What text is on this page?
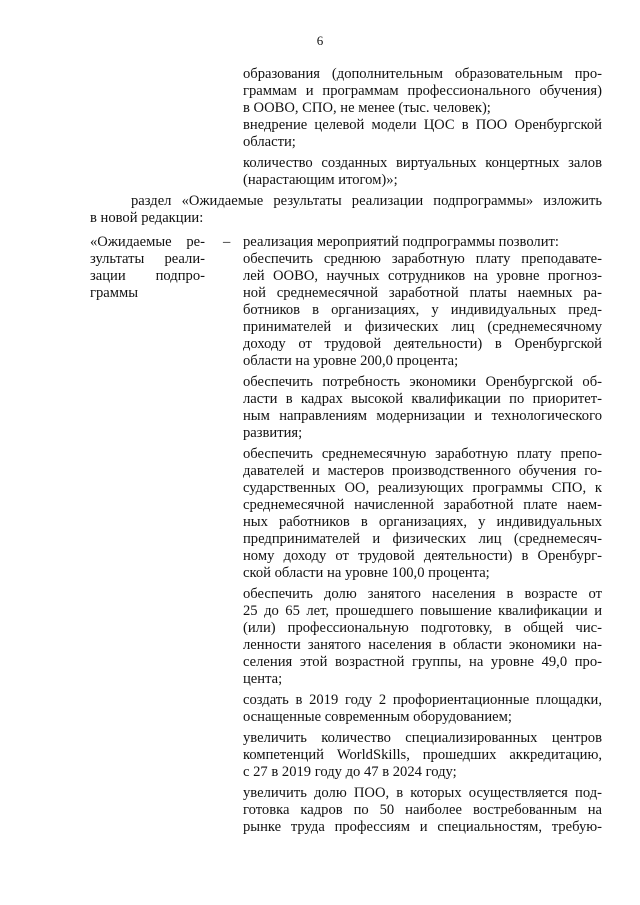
6
образования (дополнительным образовательным про-
граммам и программам профессионального обучения)
в ООВО, СПО, не менее (тыс. человек);
внедрение целевой модели ЦОС в ПОО Оренбургской
области;
количество созданных виртуальных концертных залов
(нарастающим итогом)»;
раздел «Ожидаемые результаты реализации подпрограммы» изложить
в новой редакции:
«Ожидаемые ре-
зультаты реали-
зации подпро-
граммы
– реализация мероприятий подпрограммы позволит:
обеспечить среднюю заработную плату преподавате-
лей ООВО, научных сотрудников на уровне прогноз-
ной среднемесячной заработной платы наемных ра-
ботников в организациях, у индивидуальных пред-
принимателей и физических лиц (среднемесячному
доходу от трудовой деятельности) в Оренбургской
области на уровне 200,0 процента;
обеспечить потребность экономики Оренбургской об-
ласти в кадрах высокой квалификации по приоритет-
ным направлениям модернизации и технологического
развития;
обеспечить среднемесячную заработную плату препо-
давателей и мастеров производственного обучения го-
сударственных ОО, реализующих программы СПО, к
среднемесячной начисленной заработной плате наем-
ных работников в организациях, у индивидуальных
предпринимателей и физических лиц (среднемесяч-
ному доходу от трудовой деятельности) в Оренбург-
ской области на уровне 100,0 процента;
обеспечить долю занятого населения в возрасте от
25 до 65 лет, прошедшего повышение квалификации и
(или) профессиональную подготовку, в общей чис-
ленности занятого населения в области экономики на-
селения этой возрастной группы, на уровне 49,0 про-
цента;
создать в 2019 году 2 профориентационные площадки,
оснащенные современным оборудованием;
увеличить количество специализированных центров
компетенций WorldSkills, прошедших аккредитацию,
с 27 в 2019 году до 47 в 2024 году;
увеличить долю ПОО, в которых осуществляется под-
готовка кадров по 50 наиболее востребованным на
рынке труда профессиям и специальностям, требую-
